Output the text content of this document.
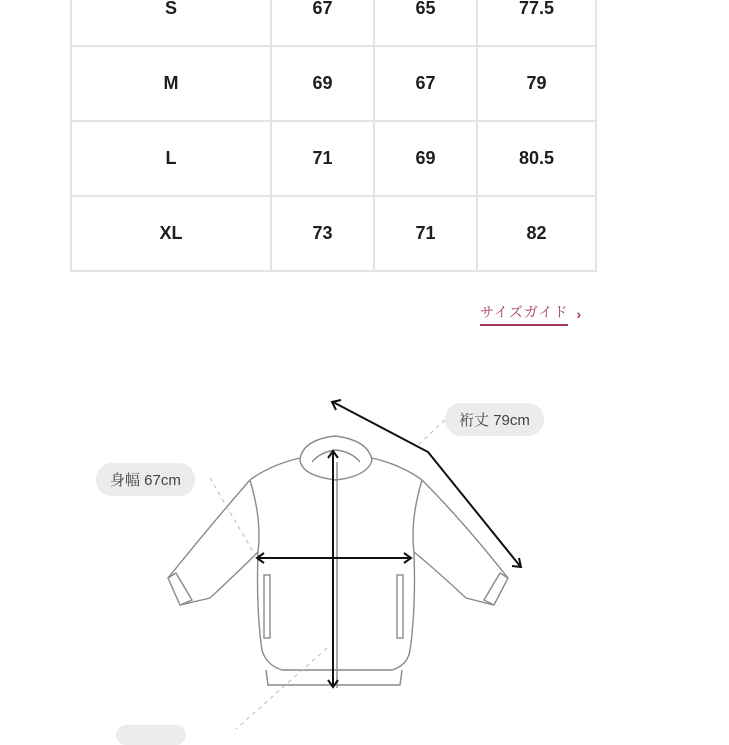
S	67	65	77.5
M	69	67	79
L	71	69	80.5
XL	73	71	82
サイズガイド ›
裄丈 79cm
身幅 67cm
